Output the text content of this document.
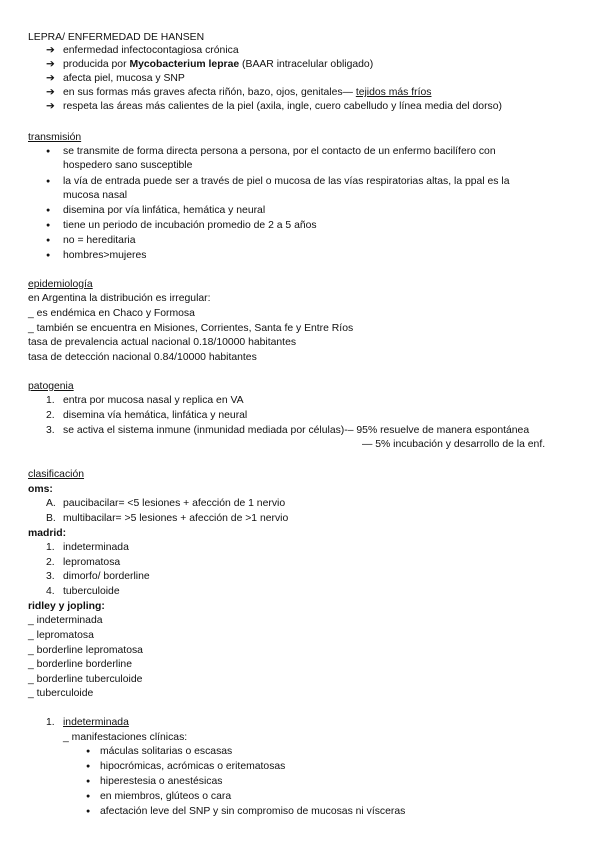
LEPRA/ ENFERMEDAD DE HANSEN
➔ enfermedad infectocontagiosa crónica
➔ producida por Mycobacterium leprae (BAAR intracelular obligado)
➔ afecta piel, mucosa y SNP
➔ en sus formas más graves afecta riñón, bazo, ojos, genitales— tejidos más fríos
➔ respeta las áreas más calientes de la piel (axila, ingle, cuero cabelludo y línea media del dorso)
transmisión
● se transmite de forma directa persona a persona, por el contacto de un enfermo bacilífero con
hospedero sano susceptible
● la vía de entrada puede ser a través de piel o mucosa de las vías respiratorias altas, la ppal es la
mucosa nasal
● disemina por vía linfática, hemática y neural
● tiene un periodo de incubación promedio de 2 a 5 años
● no = hereditaria
● hombres>mujeres
epidemiología
en Argentina la distribución es irregular:
_ es endémica en Chaco y Formosa
_ también se encuentra en Misiones, Corrientes, Santa fe y Entre Ríos
tasa de prevalencia actual nacional 0.18/10000 habitantes
tasa de detección nacional 0.84/10000 habitantes
patogenia
1. entra por mucosa nasal y replica en VA
2. disemina vía hemática, linfática y neural
3. se activa el sistema inmune (inmunidad mediada por células)-– 95% resuelve de manera espontánea
— 5% incubación y desarrollo de la enf.
clasificación
oms:
A. paucibacilar= <5 lesiones + afección de 1 nervio
B. multibacilar= >5 lesiones + afección de >1 nervio
madrid:
1. indeterminada
2. lepromatosa
3. dimorfo/ borderline
4. tuberculoide
ridley y jopling:
_ indeterminada
_ lepromatosa
_ borderline lepromatosa
_ borderline borderline
_ borderline tuberculoide
_ tuberculoide
1. indeterminada
_ manifestaciones clínicas:
● máculas solitarias o escasas
● hipocrómicas, acrómicas o eritematosas
● hiperestesia o anestésicas
● en miembros, glúteos o cara
● afectación leve del SNP y sin compromiso de mucosas ni vísceras
